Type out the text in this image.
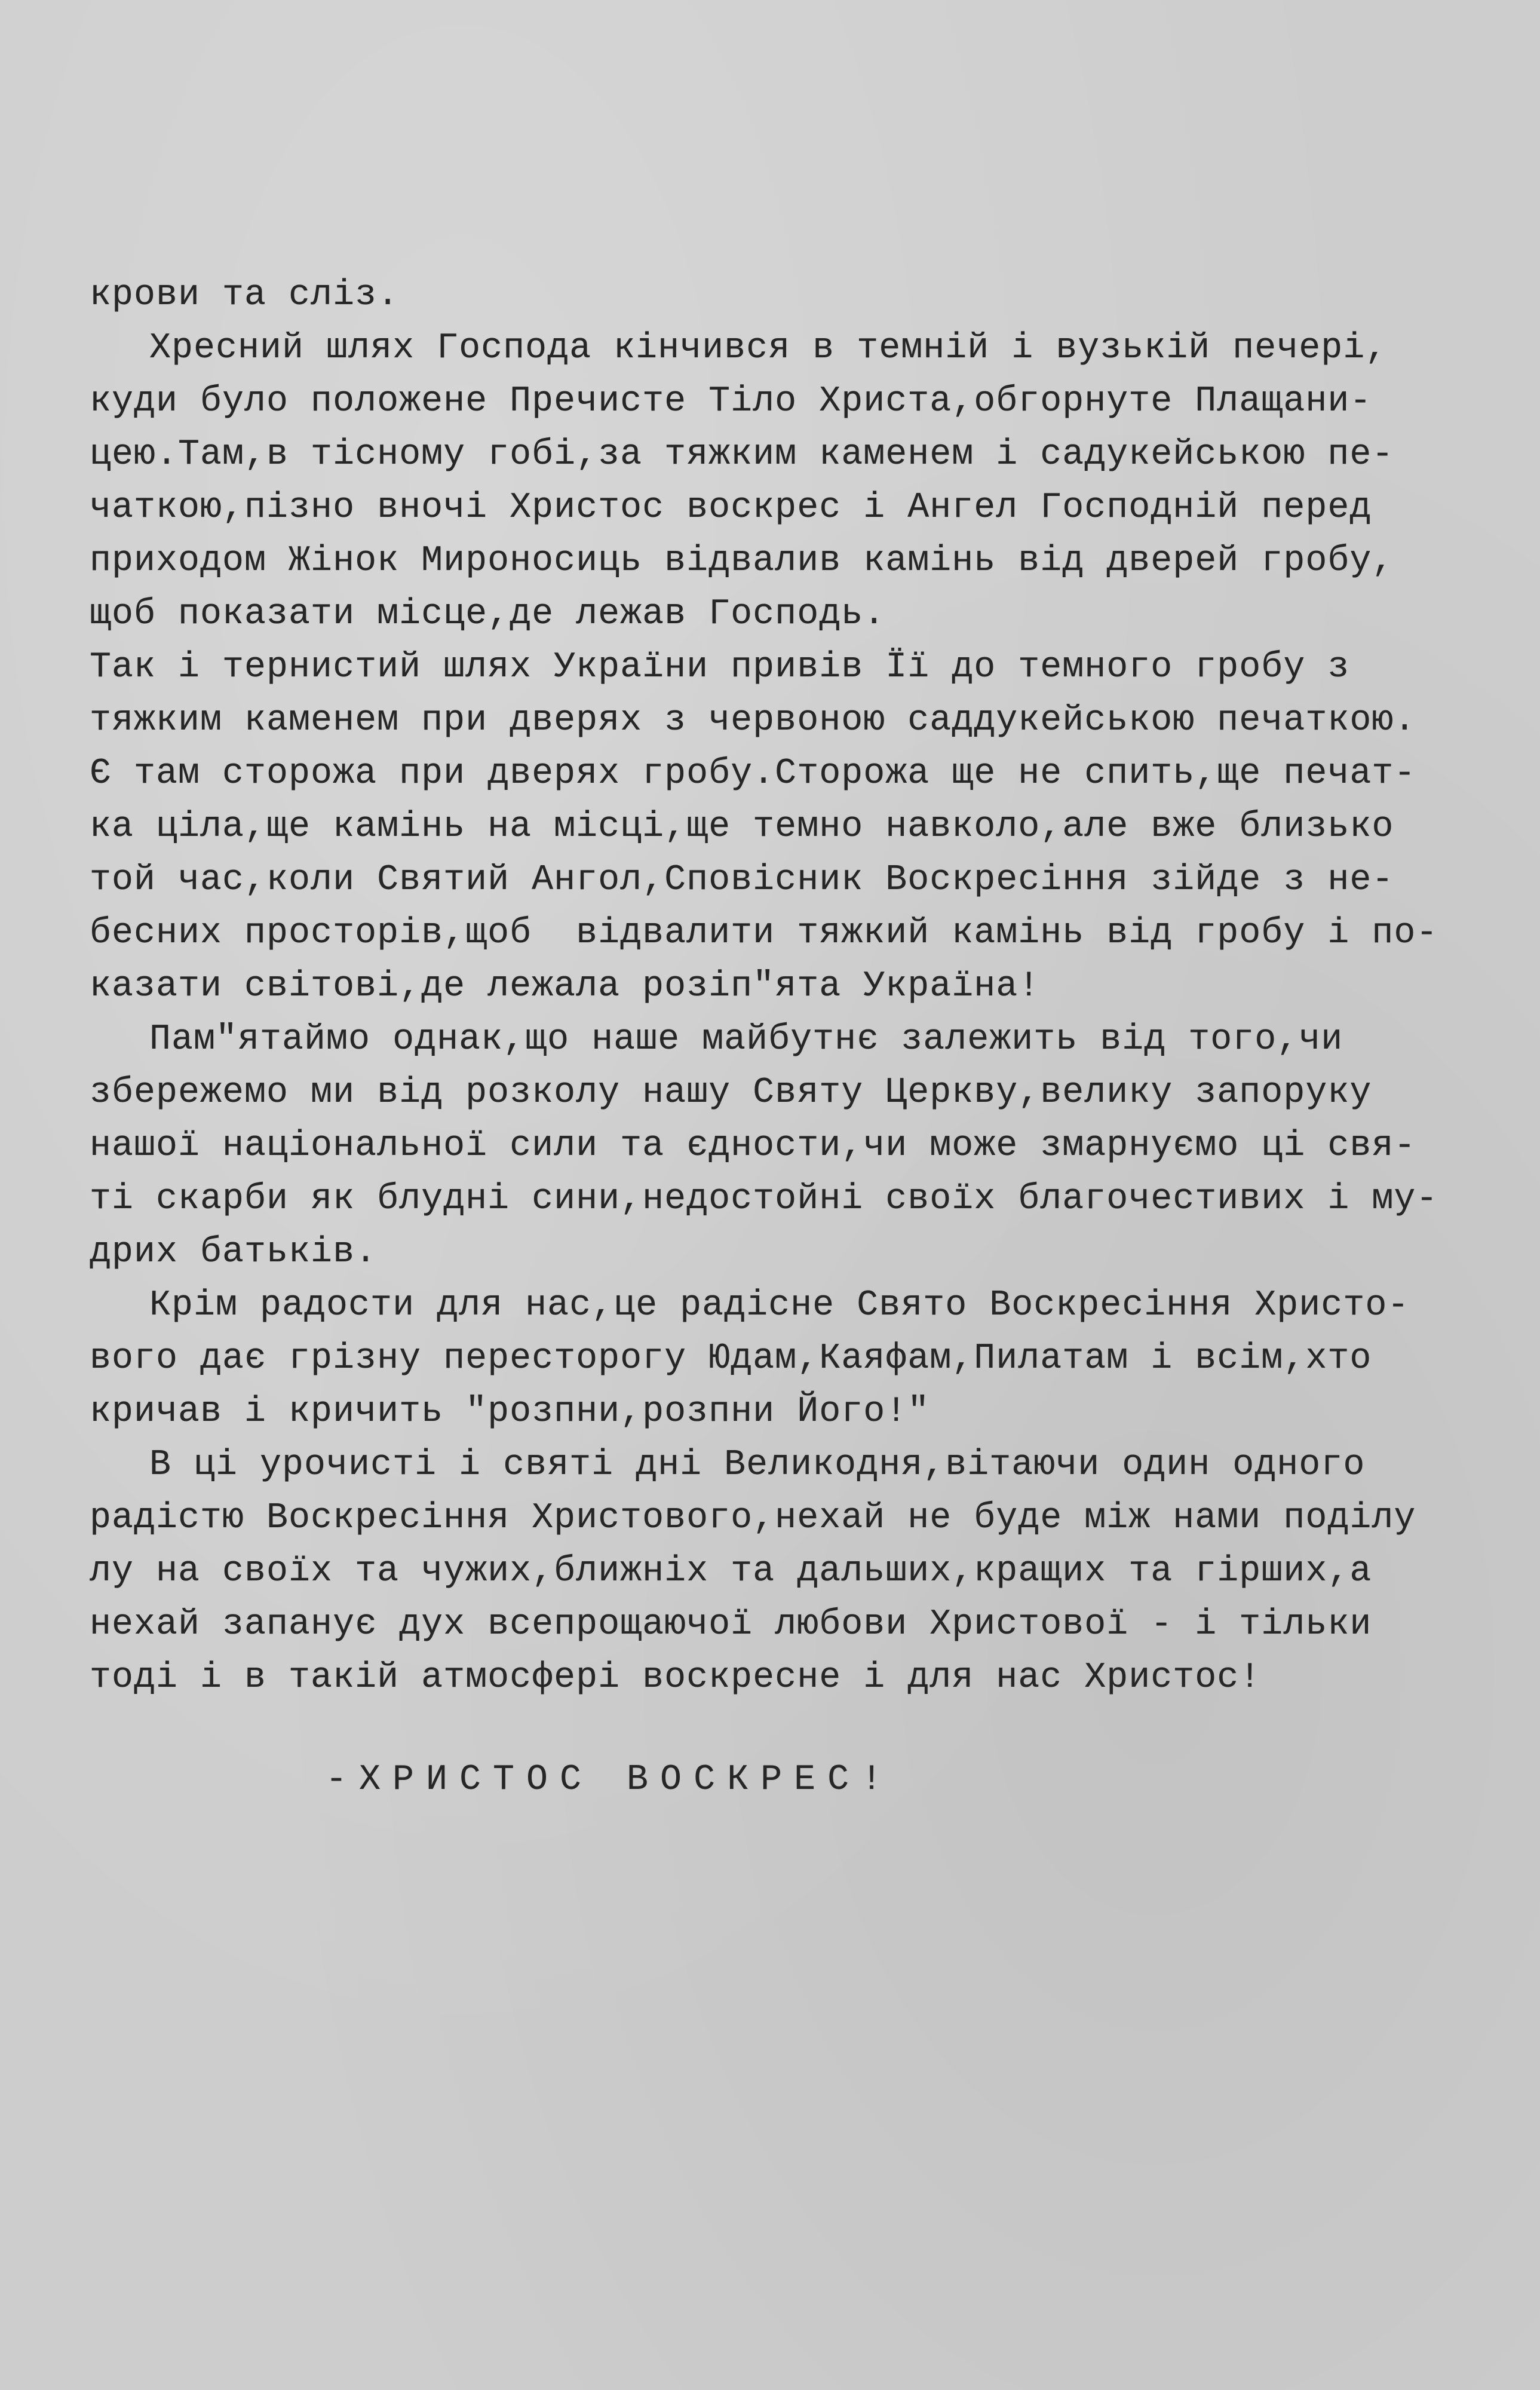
крови та сліз.
Хресний шлях Господа кінчився в темній і вузькій печері,
куди було положене Пречисте Тіло Христа,обгорнуте Плащани-
цею.Там,в тісному гобі,за тяжким каменем і садукейською пе-
чаткою,пізно вночі Христос воскрес і Ангел Господній перед
приходом Жінок Мироносиць відвалив камінь від дверей гробу,
щоб показати місце,де лежав Господь.
Так і тернистий шлях України привів Її до темного гробу з
тяжким каменем при дверях з червоною саддукейською печаткою.
Є там сторожа при дверях гробу.Сторожа ще не спить,ще печат-
ка ціла,ще камінь на місці,ще темно навколо,але вже близько
той час,коли Святий Ангол,Сповісник Воскресіння зійде з не-
бесних просторів,щоб  відвалити тяжкий камінь від гробу і по-
казати світові,де лежала розіп"ята Україна!
Пам"ятаймо однак,що наше майбутнє залежить від того,чи
збережемо ми від розколу нашу Святу Церкву,велику запоруку
нашої національної сили та єдности,чи може змарнуємо ці свя-
ті скарби як блудні сини,недостойні своїх благочестивих і му-
дрих батьків.
Крім радости для нас,це радісне Свято Воскресіння Христо-
вого дає грізну пересторогу Юдам,Каяфам,Пилатам і всім,хто
кричав і кричить "розпни,розпни Його!"
В ці урочисті і святі дні Великодня,вітаючи один одного
радістю Воскресіння Христового,нехай не буде між нами поділу
лу на своїх та чужих,ближніх та дальших,кращих та гірших,а
нехай запанує дух всепрощаючої любови Христової - і тільки
тоді і в такій атмосфері воскресне і для нас Христос!
-ХРИСТОС ВОСКРЕС!
